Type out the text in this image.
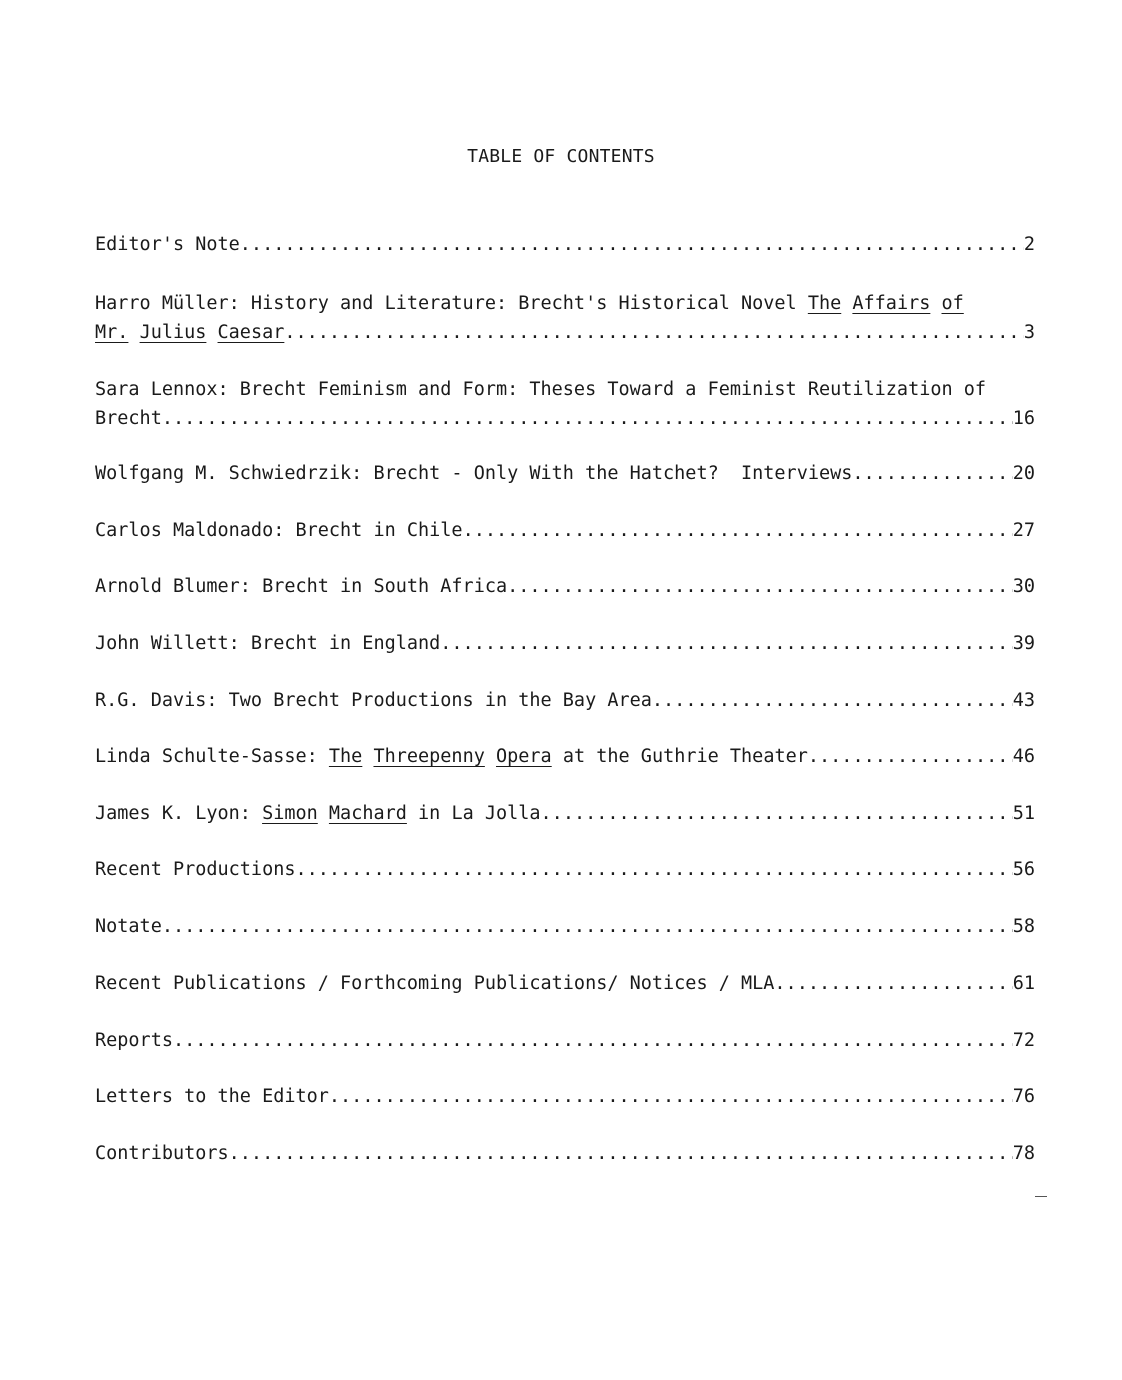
TABLE OF CONTENTS
Editor's Note .....	2
Harro Müller: History and Literature: Brecht's Historical Novel The Affairs of
Mr. Julius Caesar .....	3
Sara Lennox: Brecht Feminism and Form: Theses Toward a Feminist Reutilization of
Brecht .....	16
Wolfgang M. Schwiedrzik: Brecht - Only With the Hatchet?  Interviews .....	20
Carlos Maldonado: Brecht in Chile .....	27
Arnold Blumer: Brecht in South Africa .....	30
John Willett: Brecht in England .....	39
R.G. Davis: Two Brecht Productions in the Bay Area .....	43
Linda Schulte-Sasse: The Threepenny Opera at the Guthrie Theater .....	46
James K. Lyon: Simon Machard in La Jolla .....	51
Recent Productions .....	56
Notate .....	58
Recent Publications / Forthcoming Publications/ Notices / MLA .....	61
Reports .....	72
Letters to the Editor .....	76
Contributors .....	78
